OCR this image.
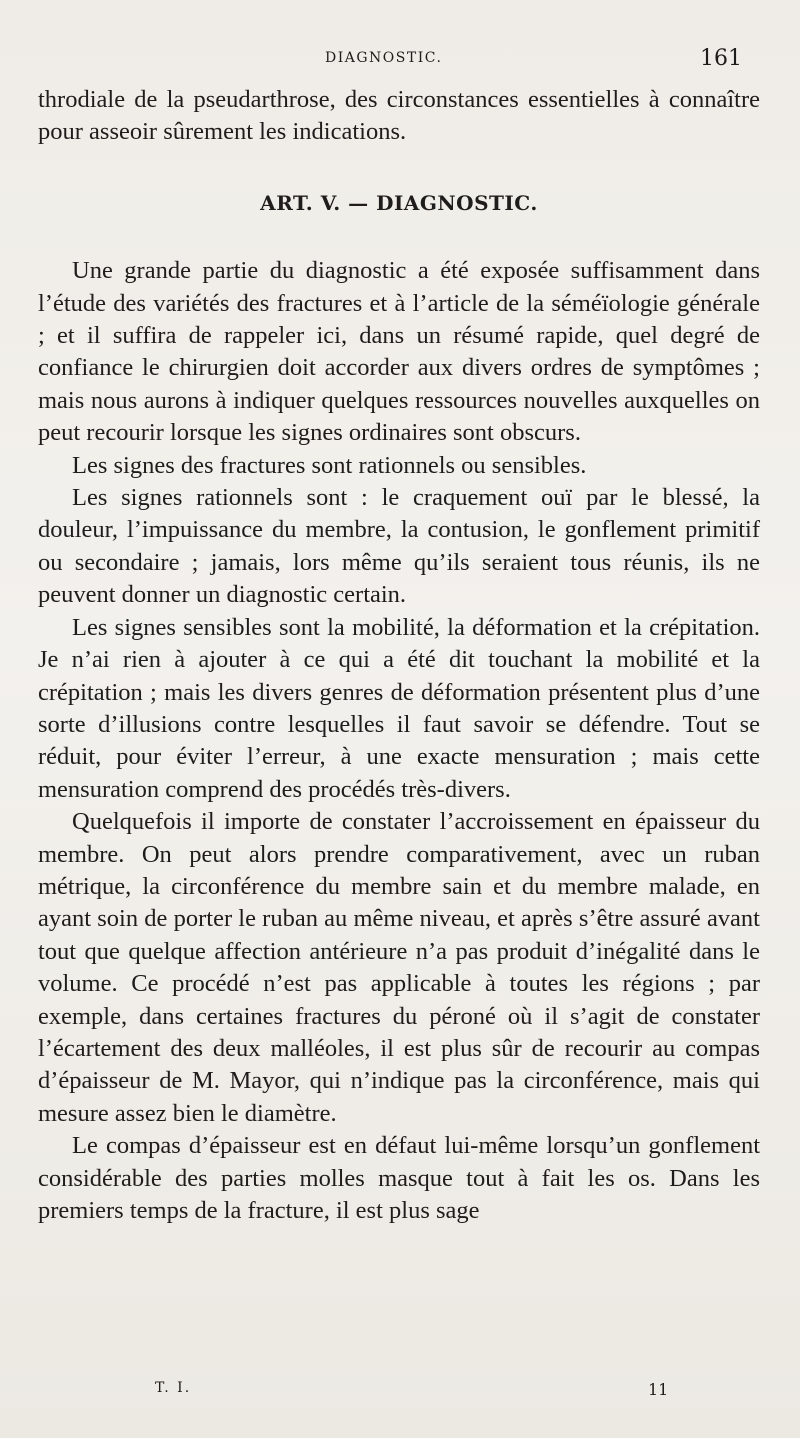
DIAGNOSTIC.	161

throdiale de la pseudarthrose, des circonstances essentielles à connaître pour asseoir sûrement les indications.

ART. V. — DIAGNOSTIC.

Une grande partie du diagnostic a été exposée suffisamment dans l’étude des variétés des fractures et à l’article de la séméïologie générale ; et il suffira de rappeler ici, dans un résumé rapide, quel degré de confiance le chirurgien doit accorder aux divers ordres de symptômes ; mais nous aurons à indiquer quelques ressources nouvelles auxquelles on peut recourir lorsque les signes ordinaires sont obscurs.

Les signes des fractures sont rationnels ou sensibles.

Les signes rationnels sont : le craquement ouï par le blessé, la douleur, l’impuissance du membre, la contusion, le gonflement primitif ou secondaire ; jamais, lors même qu’ils seraient tous réunis, ils ne peuvent donner un diagnostic certain.

Les signes sensibles sont la mobilité, la déformation et la crépitation. Je n’ai rien à ajouter à ce qui a été dit touchant la mobilité et la crépitation ; mais les divers genres de déformation présentent plus d’une sorte d’illusions contre lesquelles il faut savoir se défendre. Tout se réduit, pour éviter l’erreur, à une exacte mensuration ; mais cette mensuration comprend des procédés très-divers.

Quelquefois il importe de constater l’accroissement en épaisseur du membre. On peut alors prendre comparativement, avec un ruban métrique, la circonférence du membre sain et du membre malade, en ayant soin de porter le ruban au même niveau, et après s’être assuré avant tout que quelque affection antérieure n’a pas produit d’inégalité dans le volume. Ce procédé n’est pas applicable à toutes les régions ; par exemple, dans certaines fractures du péroné où il s’agit de constater l’écartement des deux malléoles, il est plus sûr de recourir au compas d’épaisseur de M. Mayor, qui n’indique pas la circonférence, mais qui mesure assez bien le diamètre.

Le compas d’épaisseur est en défaut lui-même lorsqu’un gonflement considérable des parties molles masque tout à fait les os. Dans les premiers temps de la fracture, il est plus sage

T. I.	11
